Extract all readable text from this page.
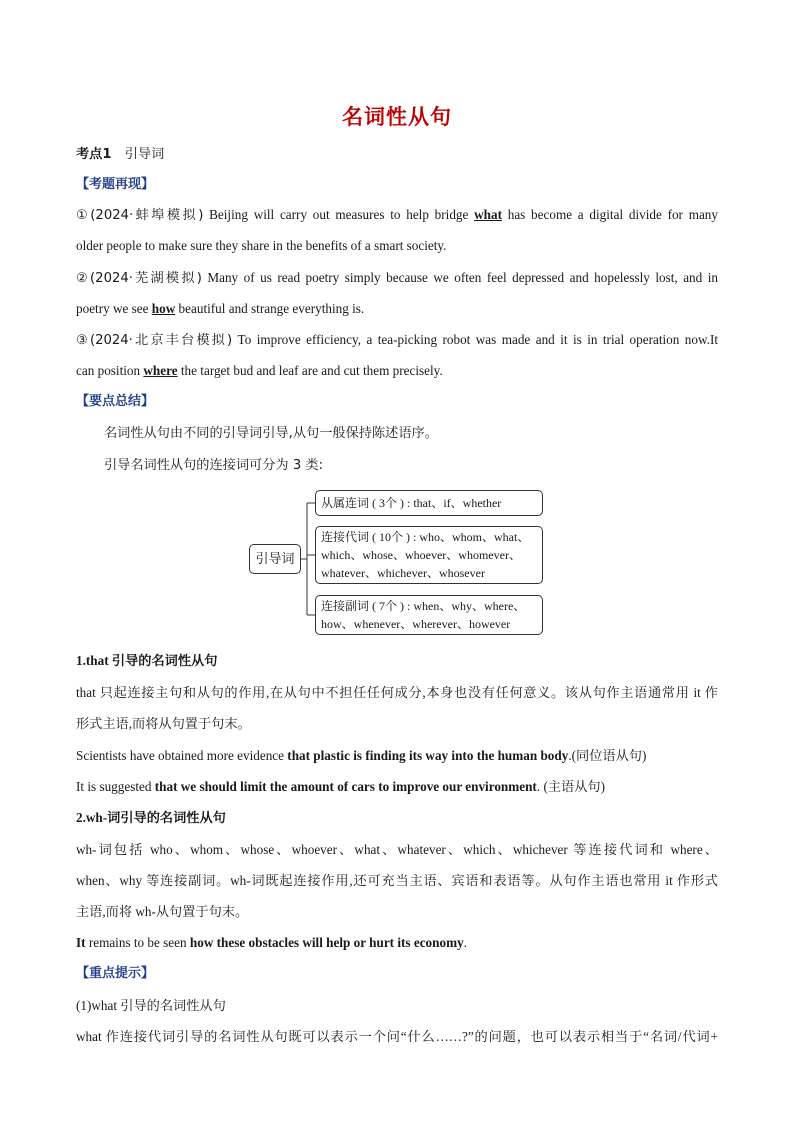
名词性从句
考点1 引导词
【考题再现】
①(2024·蚌埠模拟) Beijing will carry out measures to help bridge what has become a digital divide for many
older people to make sure they share in the benefits of a smart society.
②(2024·芜湖模拟) Many of us read poetry simply because we often feel depressed and hopelessly lost, and in
poetry we see how beautiful and strange everything is.
③(2024·北京丰台模拟) To improve efficiency, a tea-picking robot was made and it is in trial operation now.It
can position where the target bud and leaf are and cut them precisely.
【要点总结】
名词性从句由不同的引导词引导,从句一般保持陈述语序。
引导名词性从句的连接词可分为 3 类:
引导词
从属连词 ( 3个 ) : that、if、whether
连接代词 ( 10个 ) : who、whom、what、
which、whose、whoever、whomever、
whatever、whichever、whosever
连接副词 ( 7个 ) : when、why、where、
how、whenever、wherever、however
1.that 引导的名词性从句
that 只起连接主句和从句的作用,在从句中不担任任何成分,本身也没有任何意义。该从句作主语通常用 it 作
形式主语,而将从句置于句末。
Scientists have obtained more evidence that plastic is finding its way into the human body.(同位语从句)
It is suggested that we should limit the amount of cars to improve our environment. (主语从句)
2.wh-词引导的名词性从句
wh-词包括 who、whom、whose、whoever、what、whatever、which、whichever 等连接代词和 where、
when、why 等连接副词。wh-词既起连接作用,还可充当主语、宾语和表语等。从句作主语也常用 it 作形式
主语,而将 wh-从句置于句末。
It remains to be seen how these obstacles will help or hurt its economy.
【重点提示】
(1)what 引导的名词性从句
what 作连接代词引导的名词性从句既可以表示一个问“什么……?”的问题，也可以表示相当于“名词/代词+
